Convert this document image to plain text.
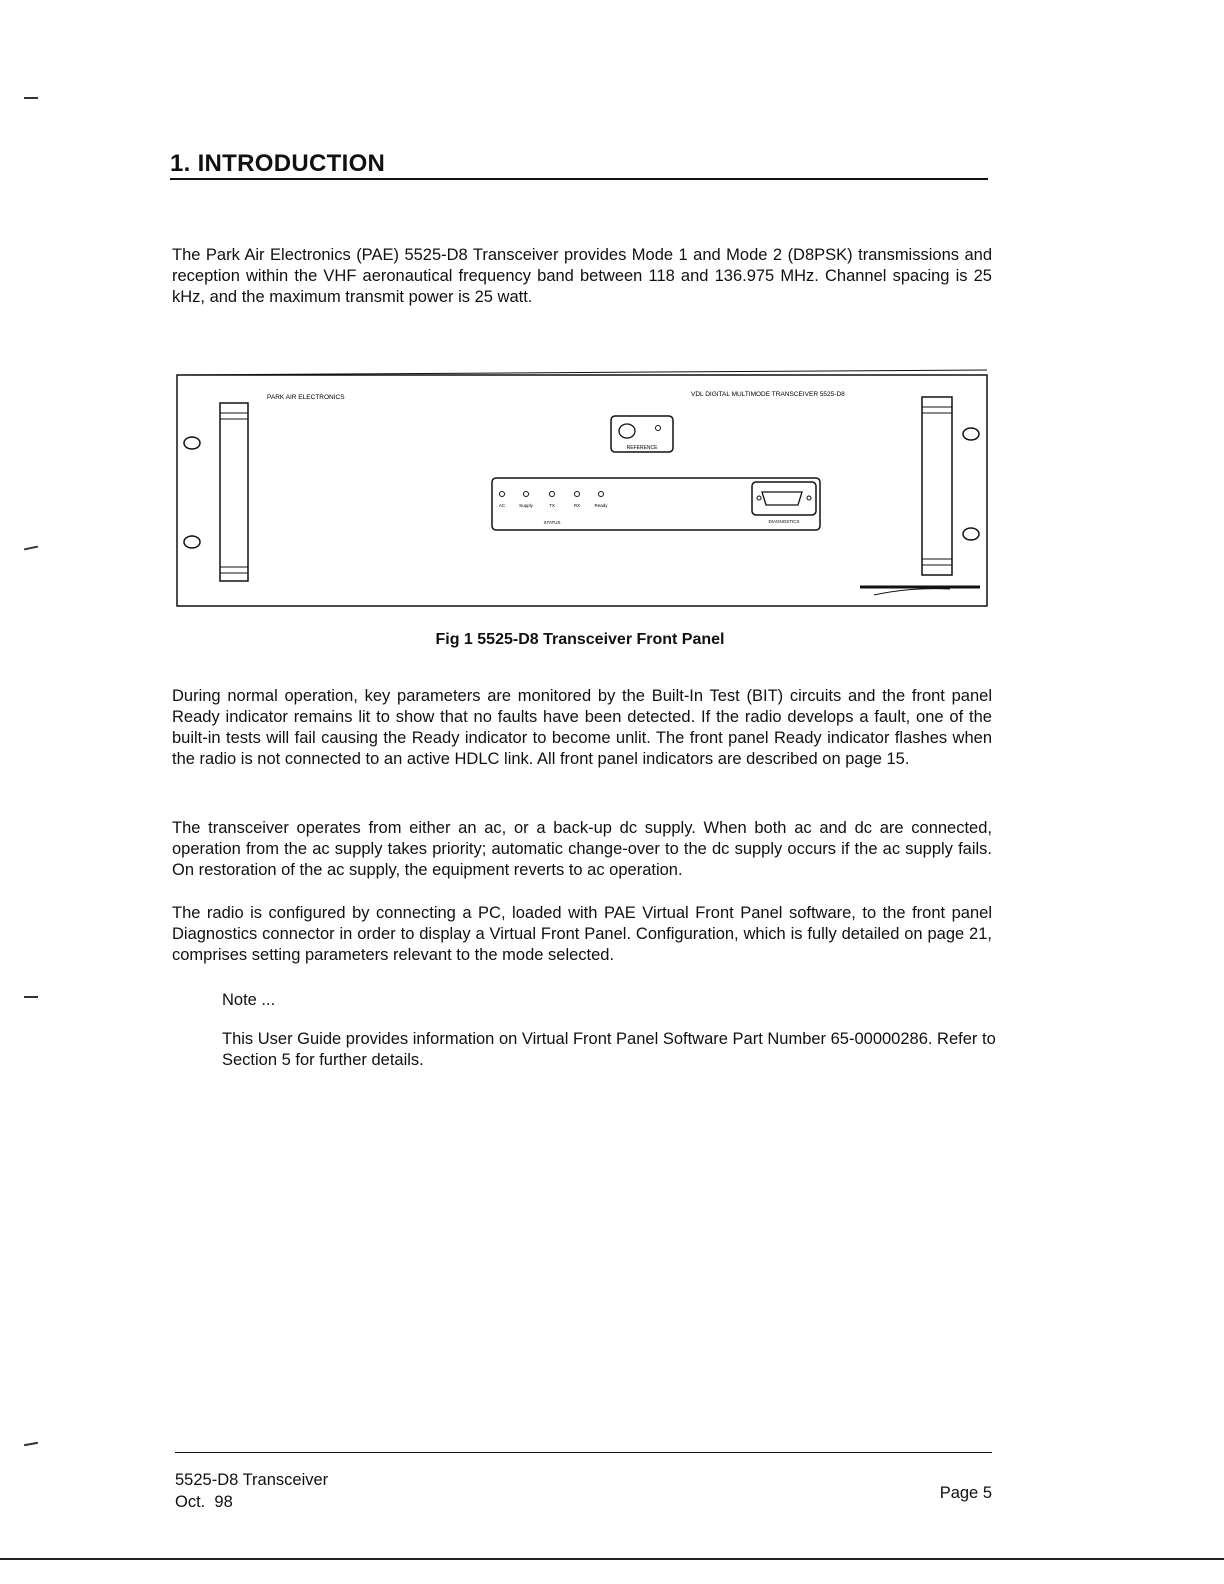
1. INTRODUCTION
The Park Air Electronics (PAE) 5525-D8 Transceiver provides Mode 1 and Mode 2 (D8PSK) transmissions and reception within the VHF aeronautical frequency band between 118 and 136.975 MHz. Channel spacing is 25 kHz, and the maximum transmit power is 25 watt.
PARK AIR ELECTRONICS	VDL DIGITAL MULTIMODE TRANSCEIVER 5525-D8
REFERENCE
AC	Supply	TX	RX	Ready
STATUS	DIAGNOSTICS
Fig 1 5525-D8 Transceiver Front Panel
During normal operation, key parameters are monitored by the Built-In Test (BIT) circuits and the front panel Ready indicator remains lit to show that no faults have been detected. If the radio develops a fault, one of the built-in tests will fail causing the Ready indicator to become unlit. The front panel Ready indicator flashes when the radio is not connected to an active HDLC link. All front panel indicators are described on page 15.
The transceiver operates from either an ac, or a back-up dc supply. When both ac and dc are connected, operation from the ac supply takes priority; automatic change-over to the dc supply occurs if the ac supply fails. On restoration of the ac supply, the equipment reverts to ac operation.
The radio is configured by connecting a PC, loaded with PAE Virtual Front Panel software, to the front panel Diagnostics connector in order to display a Virtual Front Panel. Configuration, which is fully detailed on page 21, comprises setting parameters relevant to the mode selected.
Note ...
This User Guide provides information on Virtual Front Panel Software Part Number 65-00000286. Refer to Section 5 for further details.
5525-D8 Transceiver
Oct.  98	Page 5
